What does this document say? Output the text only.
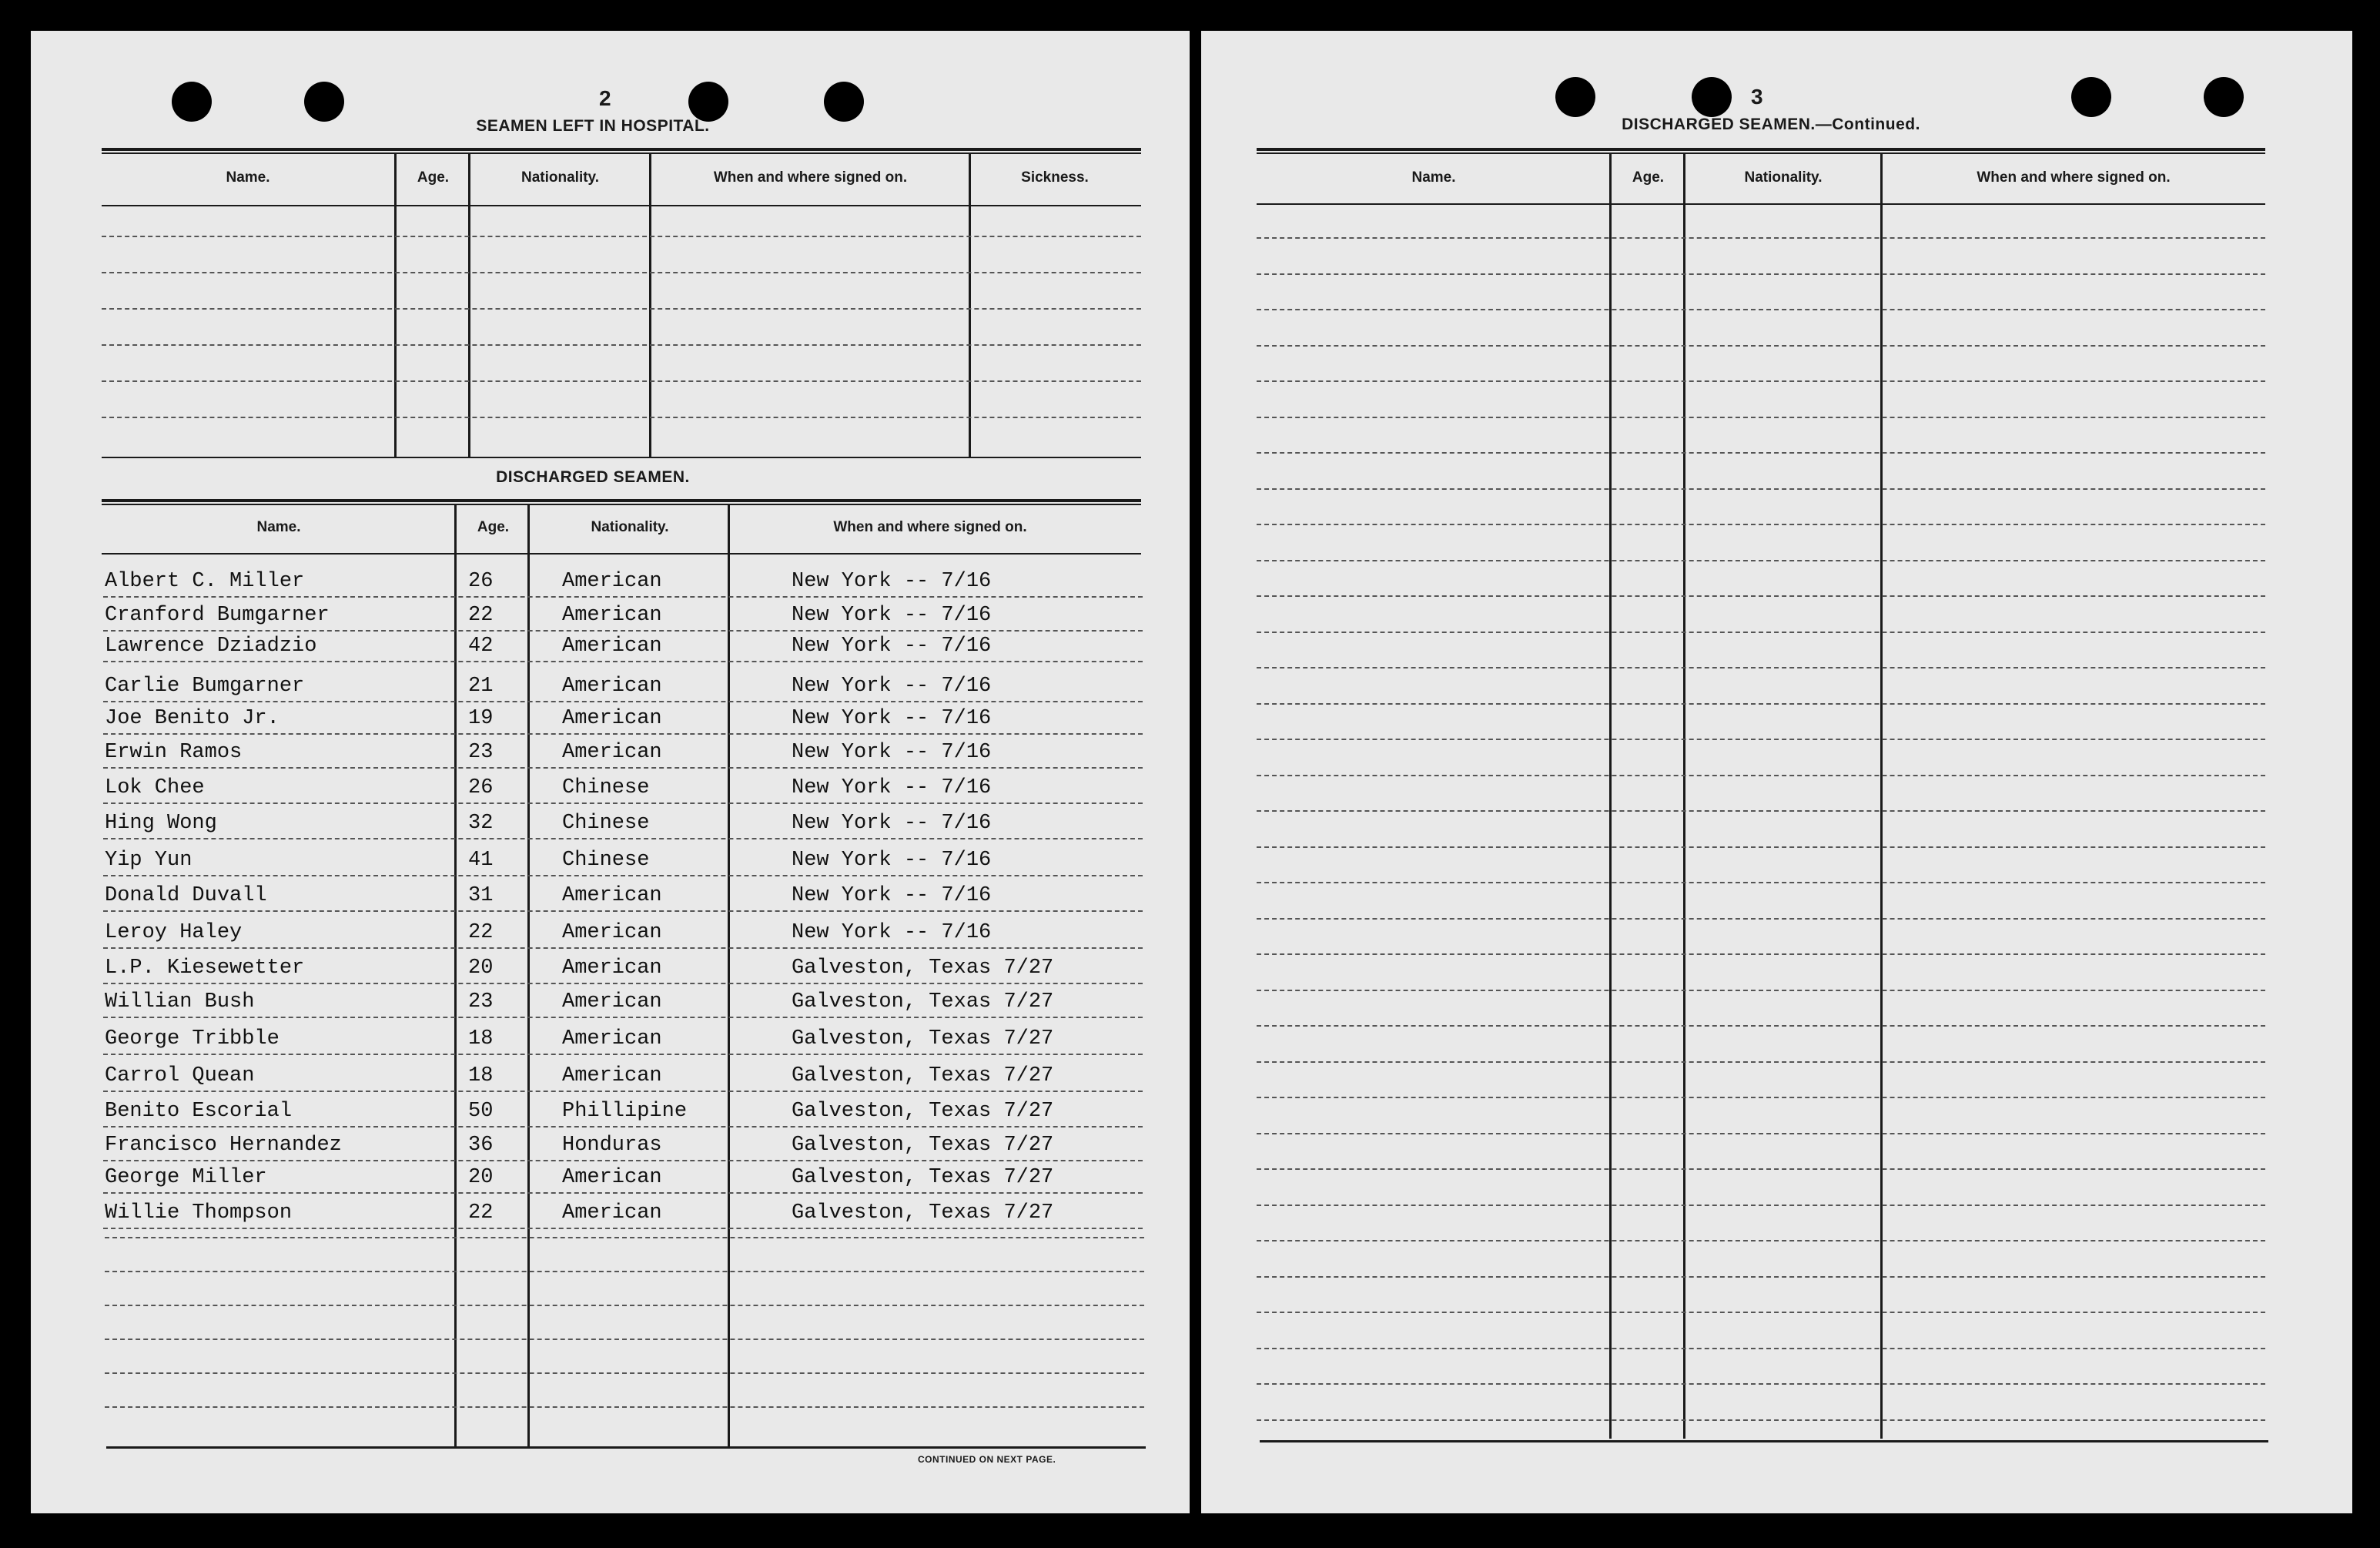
2
SEAMEN LEFT IN HOSPITAL.
Name.	Age.	Nationality.	When and where signed on.	Sickness.
DISCHARGED SEAMEN.
Name.	Age.	Nationality.	When and where signed on.
Albert C. Miller	26	American	New York -- 7/16
Cranford Bumgarner	22	American	New York -- 7/16
Lawrence Dziadzio	42	American	New York -- 7/16
Carlie Bumgarner	21	American	New York -- 7/16
Joe Benito Jr.	19	American	New York -- 7/16
Erwin Ramos	23	American	New York -- 7/16
Lok Chee	26	Chinese	New York -- 7/16
Hing Wong	32	Chinese	New York -- 7/16
Yip Yun	41	Chinese	New York -- 7/16
Donald Duvall	31	American	New York -- 7/16
Leroy Haley	22	American	New York -- 7/16
L.P. Kiesewetter	20	American	Galveston, Texas 7/27
Willian Bush	23	American	Galveston, Texas 7/27
George Tribble	18	American	Galveston, Texas 7/27
Carrol Quean	18	American	Galveston, Texas 7/27
Benito Escorial	50	Phillipine	Galveston, Texas 7/27
Francisco Hernandez	36	Honduras	Galveston, Texas 7/27
George Miller	20	American	Galveston, Texas 7/27
Willie Thompson	22	American	Galveston, Texas 7/27
CONTINUED ON NEXT PAGE.
3
DISCHARGED SEAMEN.—Continued.
Name.	Age.	Nationality.	When and where signed on.
